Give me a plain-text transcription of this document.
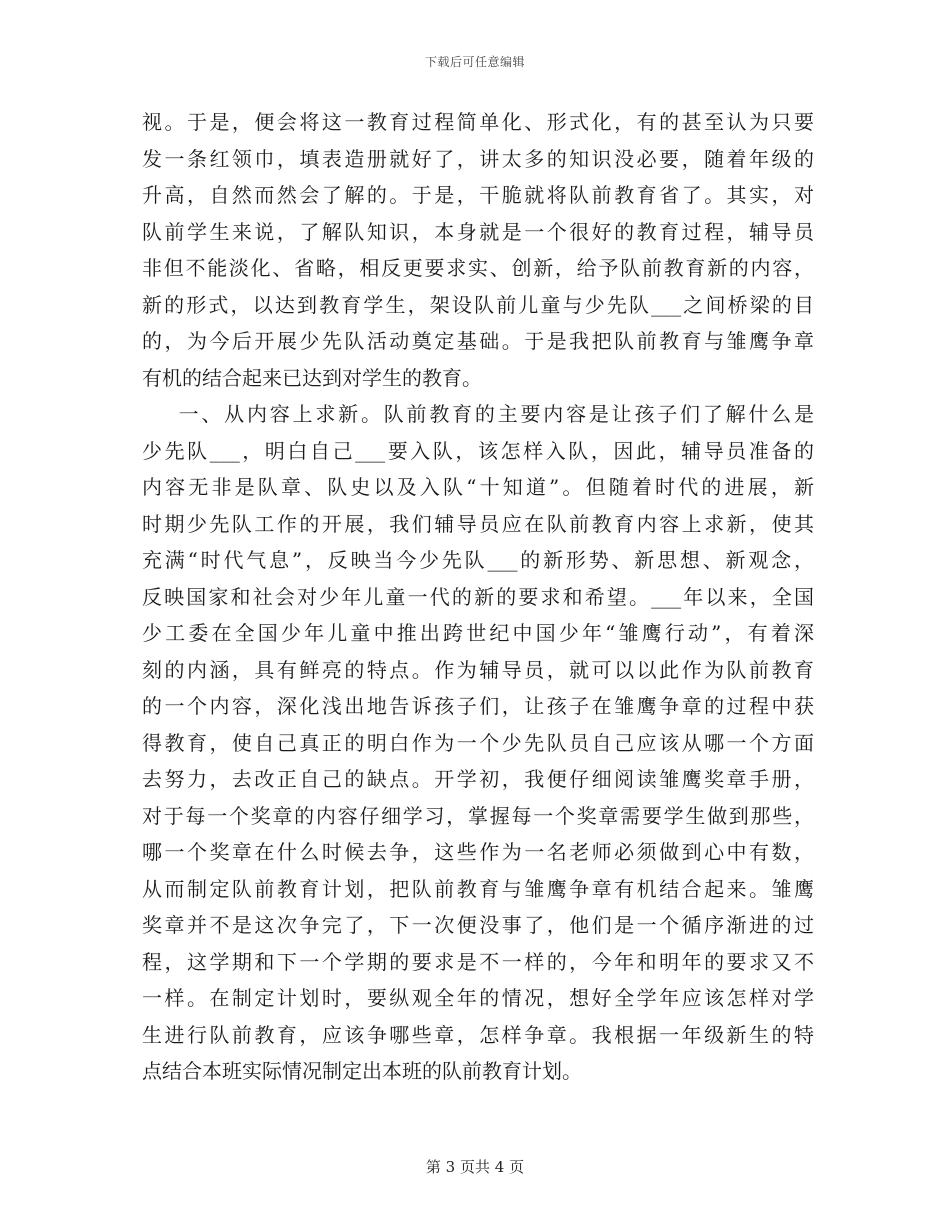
下载后可任意编辑
视。于是，便会将这一教育过程简单化、形式化，有的甚至认为只要
发一条红领巾，填表造册就好了，讲太多的知识没必要，随着年级的
升高，自然而然会了解的。于是，干脆就将队前教育省了。其实，对
队前学生来说，了解队知识，本身就是一个很好的教育过程，辅导员
非但不能淡化、省略，相反更要求实、创新，给予队前教育新的内容，
新的形式，以达到教育学生，架设队前儿童与少先队___之间桥梁的目
的，为今后开展少先队活动奠定基础。于是我把队前教育与雏鹰争章
有机的结合起来已达到对学生的教育。
一、从内容上求新。队前教育的主要内容是让孩子们了解什么是
少先队___，明白自己___要入队，该怎样入队，因此，辅导员准备的
内容无非是队章、队史以及入队“十知道”。但随着时代的进展，新
时期少先队工作的开展，我们辅导员应在队前教育内容上求新，使其
充满“时代气息”，反映当今少先队___的新形势、新思想、新观念，
反映国家和社会对少年儿童一代的新的要求和希望。___年以来，全国
少工委在全国少年儿童中推出跨世纪中国少年“雏鹰行动”，有着深
刻的内涵，具有鲜亮的特点。作为辅导员，就可以以此作为队前教育
的一个内容，深化浅出地告诉孩子们，让孩子在雏鹰争章的过程中获
得教育，使自己真正的明白作为一个少先队员自己应该从哪一个方面
去努力，去改正自己的缺点。开学初，我便仔细阅读雏鹰奖章手册，
对于每一个奖章的内容仔细学习，掌握每一个奖章需要学生做到那些，
哪一个奖章在什么时候去争，这些作为一名老师必须做到心中有数，
从而制定队前教育计划，把队前教育与雏鹰争章有机结合起来。雏鹰
奖章并不是这次争完了，下一次便没事了，他们是一个循序渐进的过
程，这学期和下一个学期的要求是不一样的，今年和明年的要求又不
一样。在制定计划时，要纵观全年的情况，想好全学年应该怎样对学
生进行队前教育，应该争哪些章，怎样争章。我根据一年级新生的特
点结合本班实际情况制定出本班的队前教育计划。
第 3 页共 4 页
